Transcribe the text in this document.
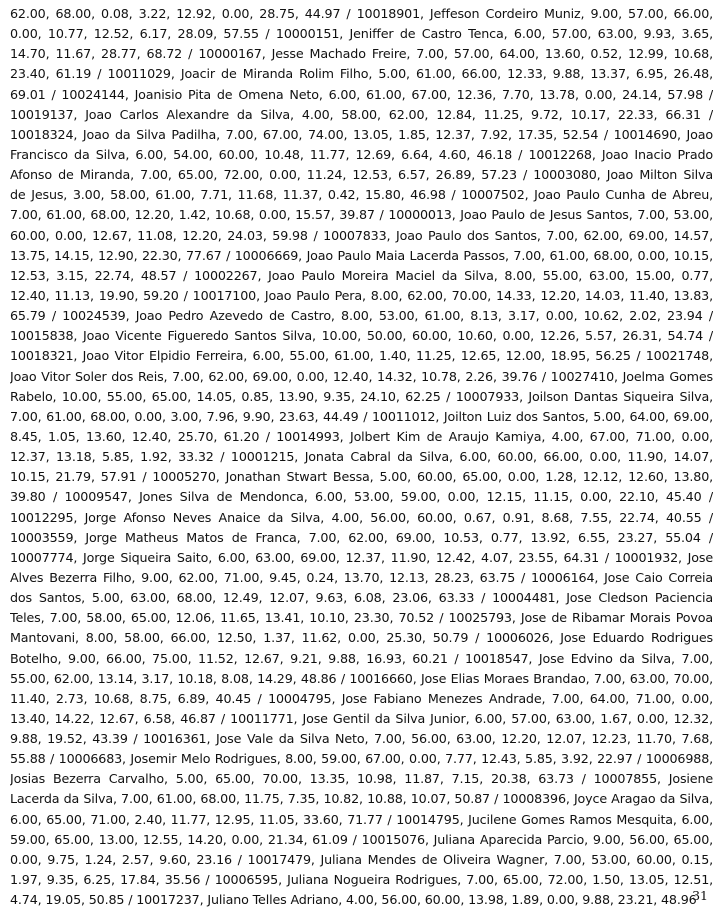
62.00, 68.00, 0.08, 3.22, 12.92, 0.00, 28.75, 44.97 / 10018901, Jeffeson Cordeiro Muniz, 9.00, 57.00, 66.00,
0.00, 10.77, 12.52, 6.17, 28.09, 57.55 / 10000151, Jeniffer de Castro Tenca, 6.00, 57.00, 63.00, 9.93, 3.65,
14.70, 11.67, 28.77, 68.72 / 10000167, Jesse Machado Freire, 7.00, 57.00, 64.00, 13.60, 0.52, 12.99, 10.68,
23.40, 61.19 / 10011029, Joacir de Miranda Rolim Filho, 5.00, 61.00, 66.00, 12.33, 9.88, 13.37, 6.95, 26.48,
69.01 / 10024144, Joanisio Pita de Omena Neto, 6.00, 61.00, 67.00, 12.36, 7.70, 13.78, 0.00, 24.14, 57.98 /
10019137, Joao Carlos Alexandre da Silva, 4.00, 58.00, 62.00, 12.84, 11.25, 9.72, 10.17, 22.33, 66.31 /
10018324, Joao da Silva Padilha, 7.00, 67.00, 74.00, 13.05, 1.85, 12.37, 7.92, 17.35, 52.54 / 10014690, Joao
Francisco da Silva, 6.00, 54.00, 60.00, 10.48, 11.77, 12.69, 6.64, 4.60, 46.18 / 10012268, Joao Inacio Prado
Afonso de Miranda, 7.00, 65.00, 72.00, 0.00, 11.24, 12.53, 6.57, 26.89, 57.23 / 10003080, Joao Milton Silva
de Jesus, 3.00, 58.00, 61.00, 7.71, 11.68, 11.37, 0.42, 15.80, 46.98 / 10007502, Joao Paulo Cunha de Abreu,
7.00, 61.00, 68.00, 12.20, 1.42, 10.68, 0.00, 15.57, 39.87 / 10000013, Joao Paulo de Jesus Santos, 7.00, 53.00,
60.00, 0.00, 12.67, 11.08, 12.20, 24.03, 59.98 / 10007833, Joao Paulo dos Santos, 7.00, 62.00, 69.00, 14.57,
13.75, 14.15, 12.90, 22.30, 77.67 / 10006669, Joao Paulo Maia Lacerda Passos, 7.00, 61.00, 68.00, 0.00, 10.15,
12.53, 3.15, 22.74, 48.57 / 10002267, Joao Paulo Moreira Maciel da Silva, 8.00, 55.00, 63.00, 15.00, 0.77,
12.40, 11.13, 19.90, 59.20 / 10017100, Joao Paulo Pera, 8.00, 62.00, 70.00, 14.33, 12.20, 14.03, 11.40, 13.83,
65.79 / 10024539, Joao Pedro Azevedo de Castro, 8.00, 53.00, 61.00, 8.13, 3.17, 0.00, 10.62, 2.02, 23.94 /
10015838, Joao Vicente Figueredo Santos Silva, 10.00, 50.00, 60.00, 10.60, 0.00, 12.26, 5.57, 26.31, 54.74 /
10018321, Joao Vitor Elpidio Ferreira, 6.00, 55.00, 61.00, 1.40, 11.25, 12.65, 12.00, 18.95, 56.25 / 10021748,
Joao Vitor Soler dos Reis, 7.00, 62.00, 69.00, 0.00, 12.40, 14.32, 10.78, 2.26, 39.76 / 10027410, Joelma Gomes
Rabelo, 10.00, 55.00, 65.00, 14.05, 0.85, 13.90, 9.35, 24.10, 62.25 / 10007933, Joilson Dantas Siqueira Silva,
7.00, 61.00, 68.00, 0.00, 3.00, 7.96, 9.90, 23.63, 44.49 / 10011012, Joilton Luiz dos Santos, 5.00, 64.00, 69.00,
8.45, 1.05, 13.60, 12.40, 25.70, 61.20 / 10014993, Jolbert Kim de Araujo Kamiya, 4.00, 67.00, 71.00, 0.00,
12.37, 13.18, 5.85, 1.92, 33.32 / 10001215, Jonata Cabral da Silva, 6.00, 60.00, 66.00, 0.00, 11.90, 14.07,
10.15, 21.79, 57.91 / 10005270, Jonathan Stwart Bessa, 5.00, 60.00, 65.00, 0.00, 1.28, 12.12, 12.60, 13.80,
39.80 / 10009547, Jones Silva de Mendonca, 6.00, 53.00, 59.00, 0.00, 12.15, 11.15, 0.00, 22.10, 45.40 /
10012295, Jorge Afonso Neves Anaice da Silva, 4.00, 56.00, 60.00, 0.67, 0.91, 8.68, 7.55, 22.74, 40.55 /
10003559, Jorge Matheus Matos de Franca, 7.00, 62.00, 69.00, 10.53, 0.77, 13.92, 6.55, 23.27, 55.04 /
10007774, Jorge Siqueira Saito, 6.00, 63.00, 69.00, 12.37, 11.90, 12.42, 4.07, 23.55, 64.31 / 10001932, Jose
Alves Bezerra Filho, 9.00, 62.00, 71.00, 9.45, 0.24, 13.70, 12.13, 28.23, 63.75 / 10006164, Jose Caio Correia
dos Santos, 5.00, 63.00, 68.00, 12.49, 12.07, 9.63, 6.08, 23.06, 63.33 / 10004481, Jose Cledson Paciencia
Teles, 7.00, 58.00, 65.00, 12.06, 11.65, 13.41, 10.10, 23.30, 70.52 / 10025793, Jose de Ribamar Morais Povoa
Mantovani, 8.00, 58.00, 66.00, 12.50, 1.37, 11.62, 0.00, 25.30, 50.79 / 10006026, Jose Eduardo Rodrigues
Botelho, 9.00, 66.00, 75.00, 11.52, 12.67, 9.21, 9.88, 16.93, 60.21 / 10018547, Jose Edvino da Silva, 7.00,
55.00, 62.00, 13.14, 3.17, 10.18, 8.08, 14.29, 48.86 / 10016660, Jose Elias Moraes Brandao, 7.00, 63.00, 70.00,
11.40, 2.73, 10.68, 8.75, 6.89, 40.45 / 10004795, Jose Fabiano Menezes Andrade, 7.00, 64.00, 71.00, 0.00,
13.40, 14.22, 12.67, 6.58, 46.87 / 10011771, Jose Gentil da Silva Junior, 6.00, 57.00, 63.00, 1.67, 0.00, 12.32,
9.88, 19.52, 43.39 / 10016361, Jose Vale da Silva Neto, 7.00, 56.00, 63.00, 12.20, 12.07, 12.23, 11.70, 7.68,
55.88 / 10006683, Josemir Melo Rodrigues, 8.00, 59.00, 67.00, 0.00, 7.77, 12.43, 5.85, 3.92, 22.97 / 10006988,
Josias Bezerra Carvalho, 5.00, 65.00, 70.00, 13.35, 10.98, 11.87, 7.15, 20.38, 63.73 / 10007855, Josiene
Lacerda da Silva, 7.00, 61.00, 68.00, 11.75, 7.35, 10.82, 10.88, 10.07, 50.87 / 10008396, Joyce Aragao da Silva,
6.00, 65.00, 71.00, 2.40, 11.77, 12.95, 11.05, 33.60, 71.77 / 10014795, Jucilene Gomes Ramos Mesquita, 6.00,
59.00, 65.00, 13.00, 12.55, 14.20, 0.00, 21.34, 61.09 / 10015076, Juliana Aparecida Parcio, 9.00, 56.00, 65.00,
0.00, 9.75, 1.24, 2.57, 9.60, 23.16 / 10017479, Juliana Mendes de Oliveira Wagner, 7.00, 53.00, 60.00, 0.15,
1.97, 9.35, 6.25, 17.84, 35.56 / 10006595, Juliana Nogueira Rodrigues, 7.00, 65.00, 72.00, 1.50, 13.05, 12.51,
4.74, 19.05, 50.85 / 10017237, Juliano Telles Adriano, 4.00, 56.00, 60.00, 13.98, 1.89, 0.00, 9.88, 23.21, 48.96
31
